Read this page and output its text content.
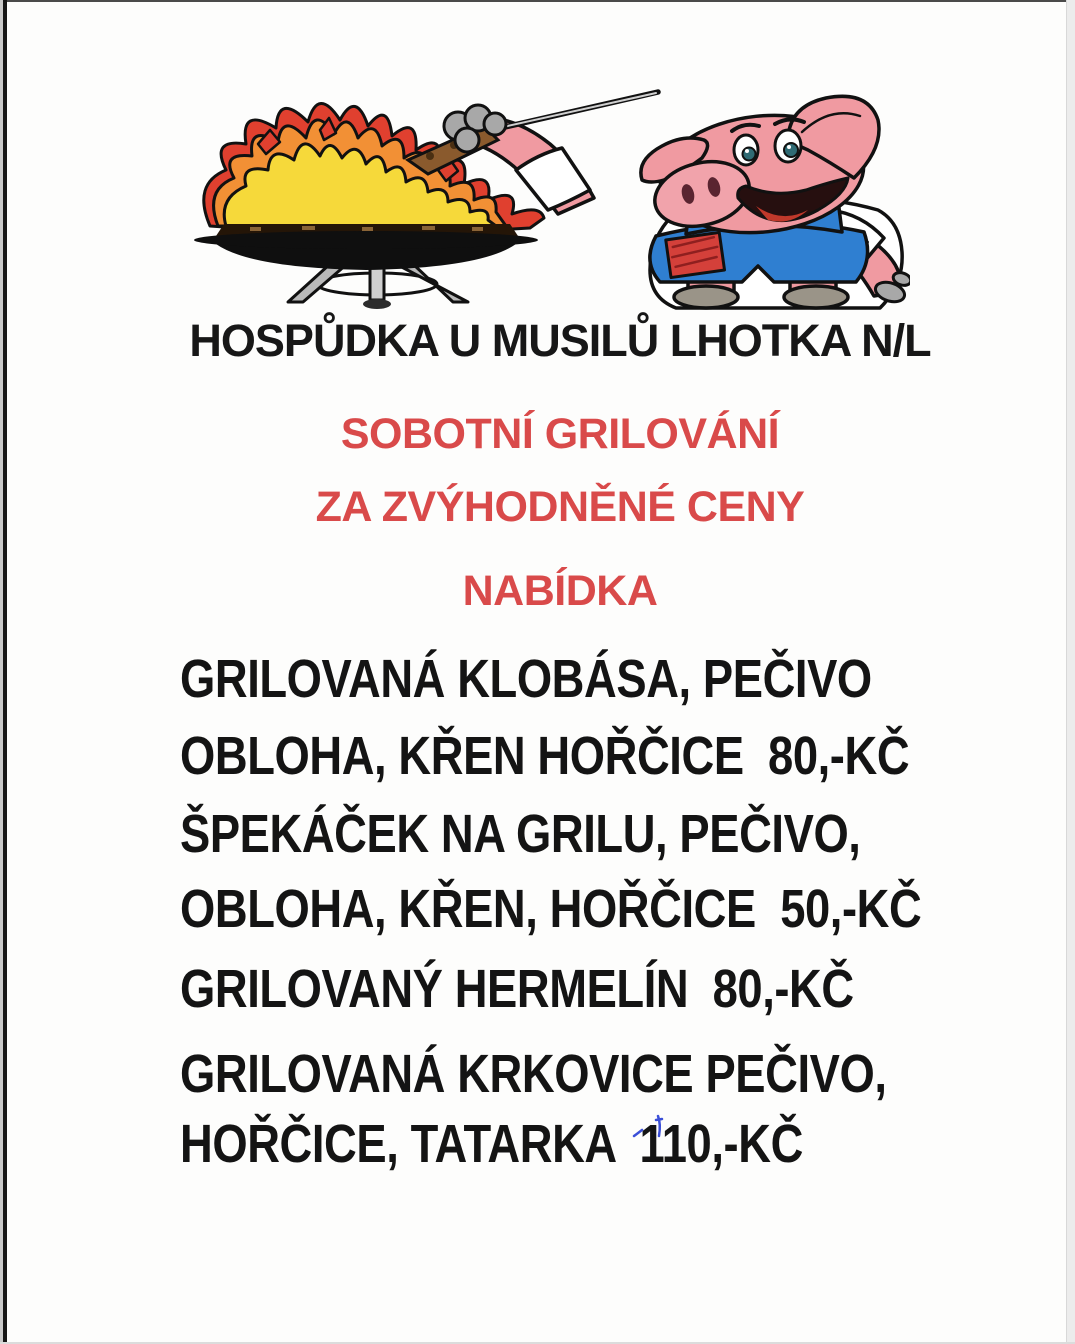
HOSPŮDKA U MUSILŮ LHOTKA N/L
SOBOTNÍ GRILOVÁNÍ
ZA ZVÝHODNĚNÉ CENY
NABÍDKA
GRILOVANÁ KLOBÁSA, PEČIVO
OBLOHA, KŘEN HOŘČICE  80,-KČ
ŠPEKÁČEK NA GRILU, PEČIVO,
OBLOHA, KŘEN, HOŘČICE  50,-KČ
GRILOVANÝ HERMELÍN  80,-KČ
GRILOVANÁ KRKOVICE PEČIVO,
HOŘČICE, TATARKA  110,-KČ
